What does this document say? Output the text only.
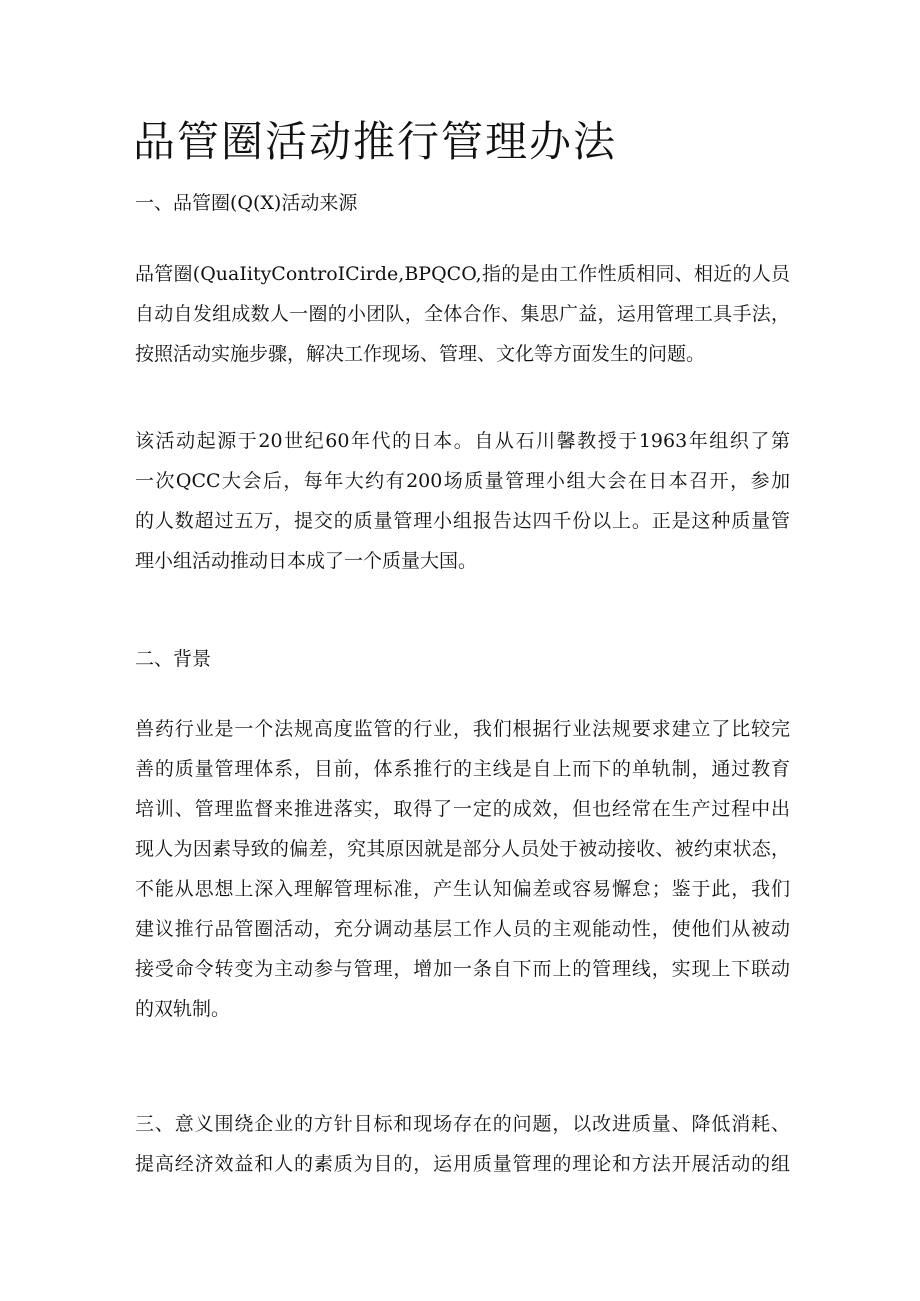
品管圈活动推行管理办法
一、品管圈(Q(X)活动来源
品管圈(QuaIityControICirde,BPQCO,指的是由工作性质相同、相近的人员
自动自发组成数人一圈的小团队，全体合作、集思广益，运用管理工具手法，
按照活动实施步骤，解决工作现场、管理、文化等方面发生的问题。
该活动起源于20世纪60年代的日本。自从石川馨教授于1963年组织了第
一次QCC大会后，每年大约有200场质量管理小组大会在日本召开，参加
的人数超过五万，提交的质量管理小组报告达四千份以上。正是这种质量管
理小组活动推动日本成了一个质量大国。
二、背景
兽药行业是一个法规高度监管的行业，我们根据行业法规要求建立了比较完
善的质量管理体系，目前，体系推行的主线是自上而下的单轨制，通过教育
培训、管理监督来推进落实，取得了一定的成效，但也经常在生产过程中出
现人为因素导致的偏差，究其原因就是部分人员处于被动接收、被约束状态，
不能从思想上深入理解管理标准，产生认知偏差或容易懈怠；鉴于此，我们
建议推行品管圈活动，充分调动基层工作人员的主观能动性，使他们从被动
接受命令转变为主动参与管理，增加一条自下而上的管理线，实现上下联动
的双轨制。
三、意义围绕企业的方针目标和现场存在的问题，以改进质量、降低消耗、
提高经济效益和人的素质为目的，运用质量管理的理论和方法开展活动的组
